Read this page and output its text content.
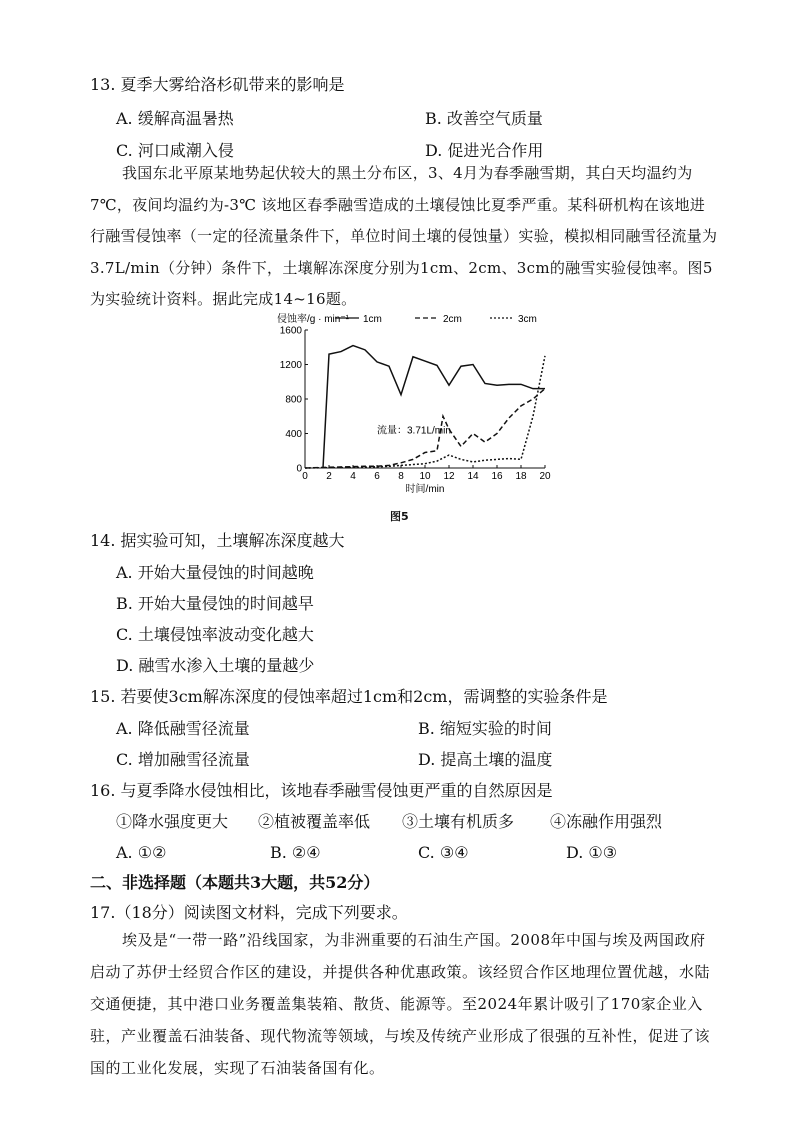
13. 夏季大雾给洛杉矶带来的影响是
A. 缓解高温暑热	B. 改善空气质量
C. 河口咸潮入侵	D. 促进光合作用
我国东北平原某地势起伏较大的黑土分布区，3、4月为春季融雪期，其白天均温约为7℃，夜间均温约为-3℃ 该地区春季融雪造成的土壤侵蚀比夏季严重。某科研机构在该地进行融雪侵蚀率（一定的径流量条件下，单位时间土壤的侵蚀量）实验，模拟相同融雪径流量为3.7L/min（分钟）条件下，土壤解冻深度分别为1cm、2cm、3cm的融雪实验侵蚀率。图5为实验统计资料。据此完成14~16题。
0 2 4 6 8 10 12 14 16 18 20
0
400
800
1200
1600
侵蚀率/g · min⁻¹
时间/min
1cm	2cm	3cm
流量：3.71L/min
图5
14. 据实验可知，土壤解冻深度越大
A. 开始大量侵蚀的时间越晚
B. 开始大量侵蚀的时间越早
C. 土壤侵蚀率波动变化越大
D. 融雪水渗入土壤的量越少
15. 若要使3cm解冻深度的侵蚀率超过1cm和2cm，需调整的实验条件是
A. 降低融雪径流量	B. 缩短实验的时间
C. 增加融雪径流量	D. 提高土壤的温度
16. 与夏季降水侵蚀相比，该地春季融雪侵蚀更严重的自然原因是
①降水强度更大 ②植被覆盖率低 ③土壤有机质多 ④冻融作用强烈
A. ①②	B. ②④	C. ③④	D. ①③
二、非选择题（本题共3大题，共52分）
17.（18分）阅读图文材料，完成下列要求。
埃及是“一带一路”沿线国家，为非洲重要的石油生产国。2008年中国与埃及两国政府启动了苏伊士经贸合作区的建设，并提供各种优惠政策。该经贸合作区地理位置优越，水陆交通便捷，其中港口业务覆盖集装箱、散货、能源等。至2024年累计吸引了170家企业入驻，产业覆盖石油装备、现代物流等领域，与埃及传统产业形成了很强的互补性，促进了该国的工业化发展，实现了石油装备国有化。
